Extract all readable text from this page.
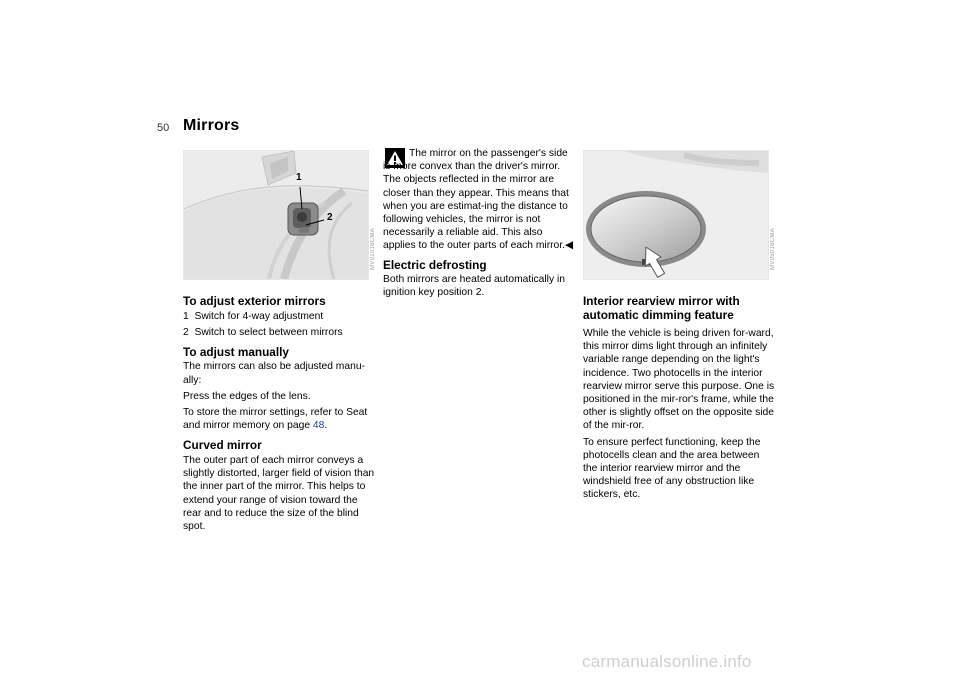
50 Mirrors
1
2
MV01016CMA
To adjust exterior mirrors

1  Switch for 4-way adjustment

2  Switch to select between mirrors

To adjust manually

The mirrors can also be adjusted manu-ally:

Press the edges of the lens.

To store the mirror settings, refer to Seat and mirror memory on page 48.

Curved mirror

The outer part of each mirror conveys a slightly distorted, larger field of vision than the inner part of the mirror. This helps to extend your range of vision toward the rear and to reduce the size of the blind spot.

The mirror on the passenger's side is more convex than the driver's mirror. The objects reflected in the mirror are closer than they appear. This means that when you are estimat-ing the distance to following vehicles, the mirror is not necessarily a reliable aid. This also applies to the outer parts of each mirror.◀

Electric defrosting

Both mirrors are heated automatically in ignition key position 2.

MV05016CMA
Interior rearview mirror with automatic dimming feature

While the vehicle is being driven for-ward, this mirror dims light through an infinitely variable range depending on the light's incidence. Two photocells in the interior rearview mirror serve this purpose. One is positioned in the mir-ror's frame, while the other is slightly offset on the opposite side of the mir-ror.

To ensure perfect functioning, keep the photocells clean and the area between the interior rearview mirror and the windshield free of any obstruction like stickers, etc.

carmanualsonline.info
